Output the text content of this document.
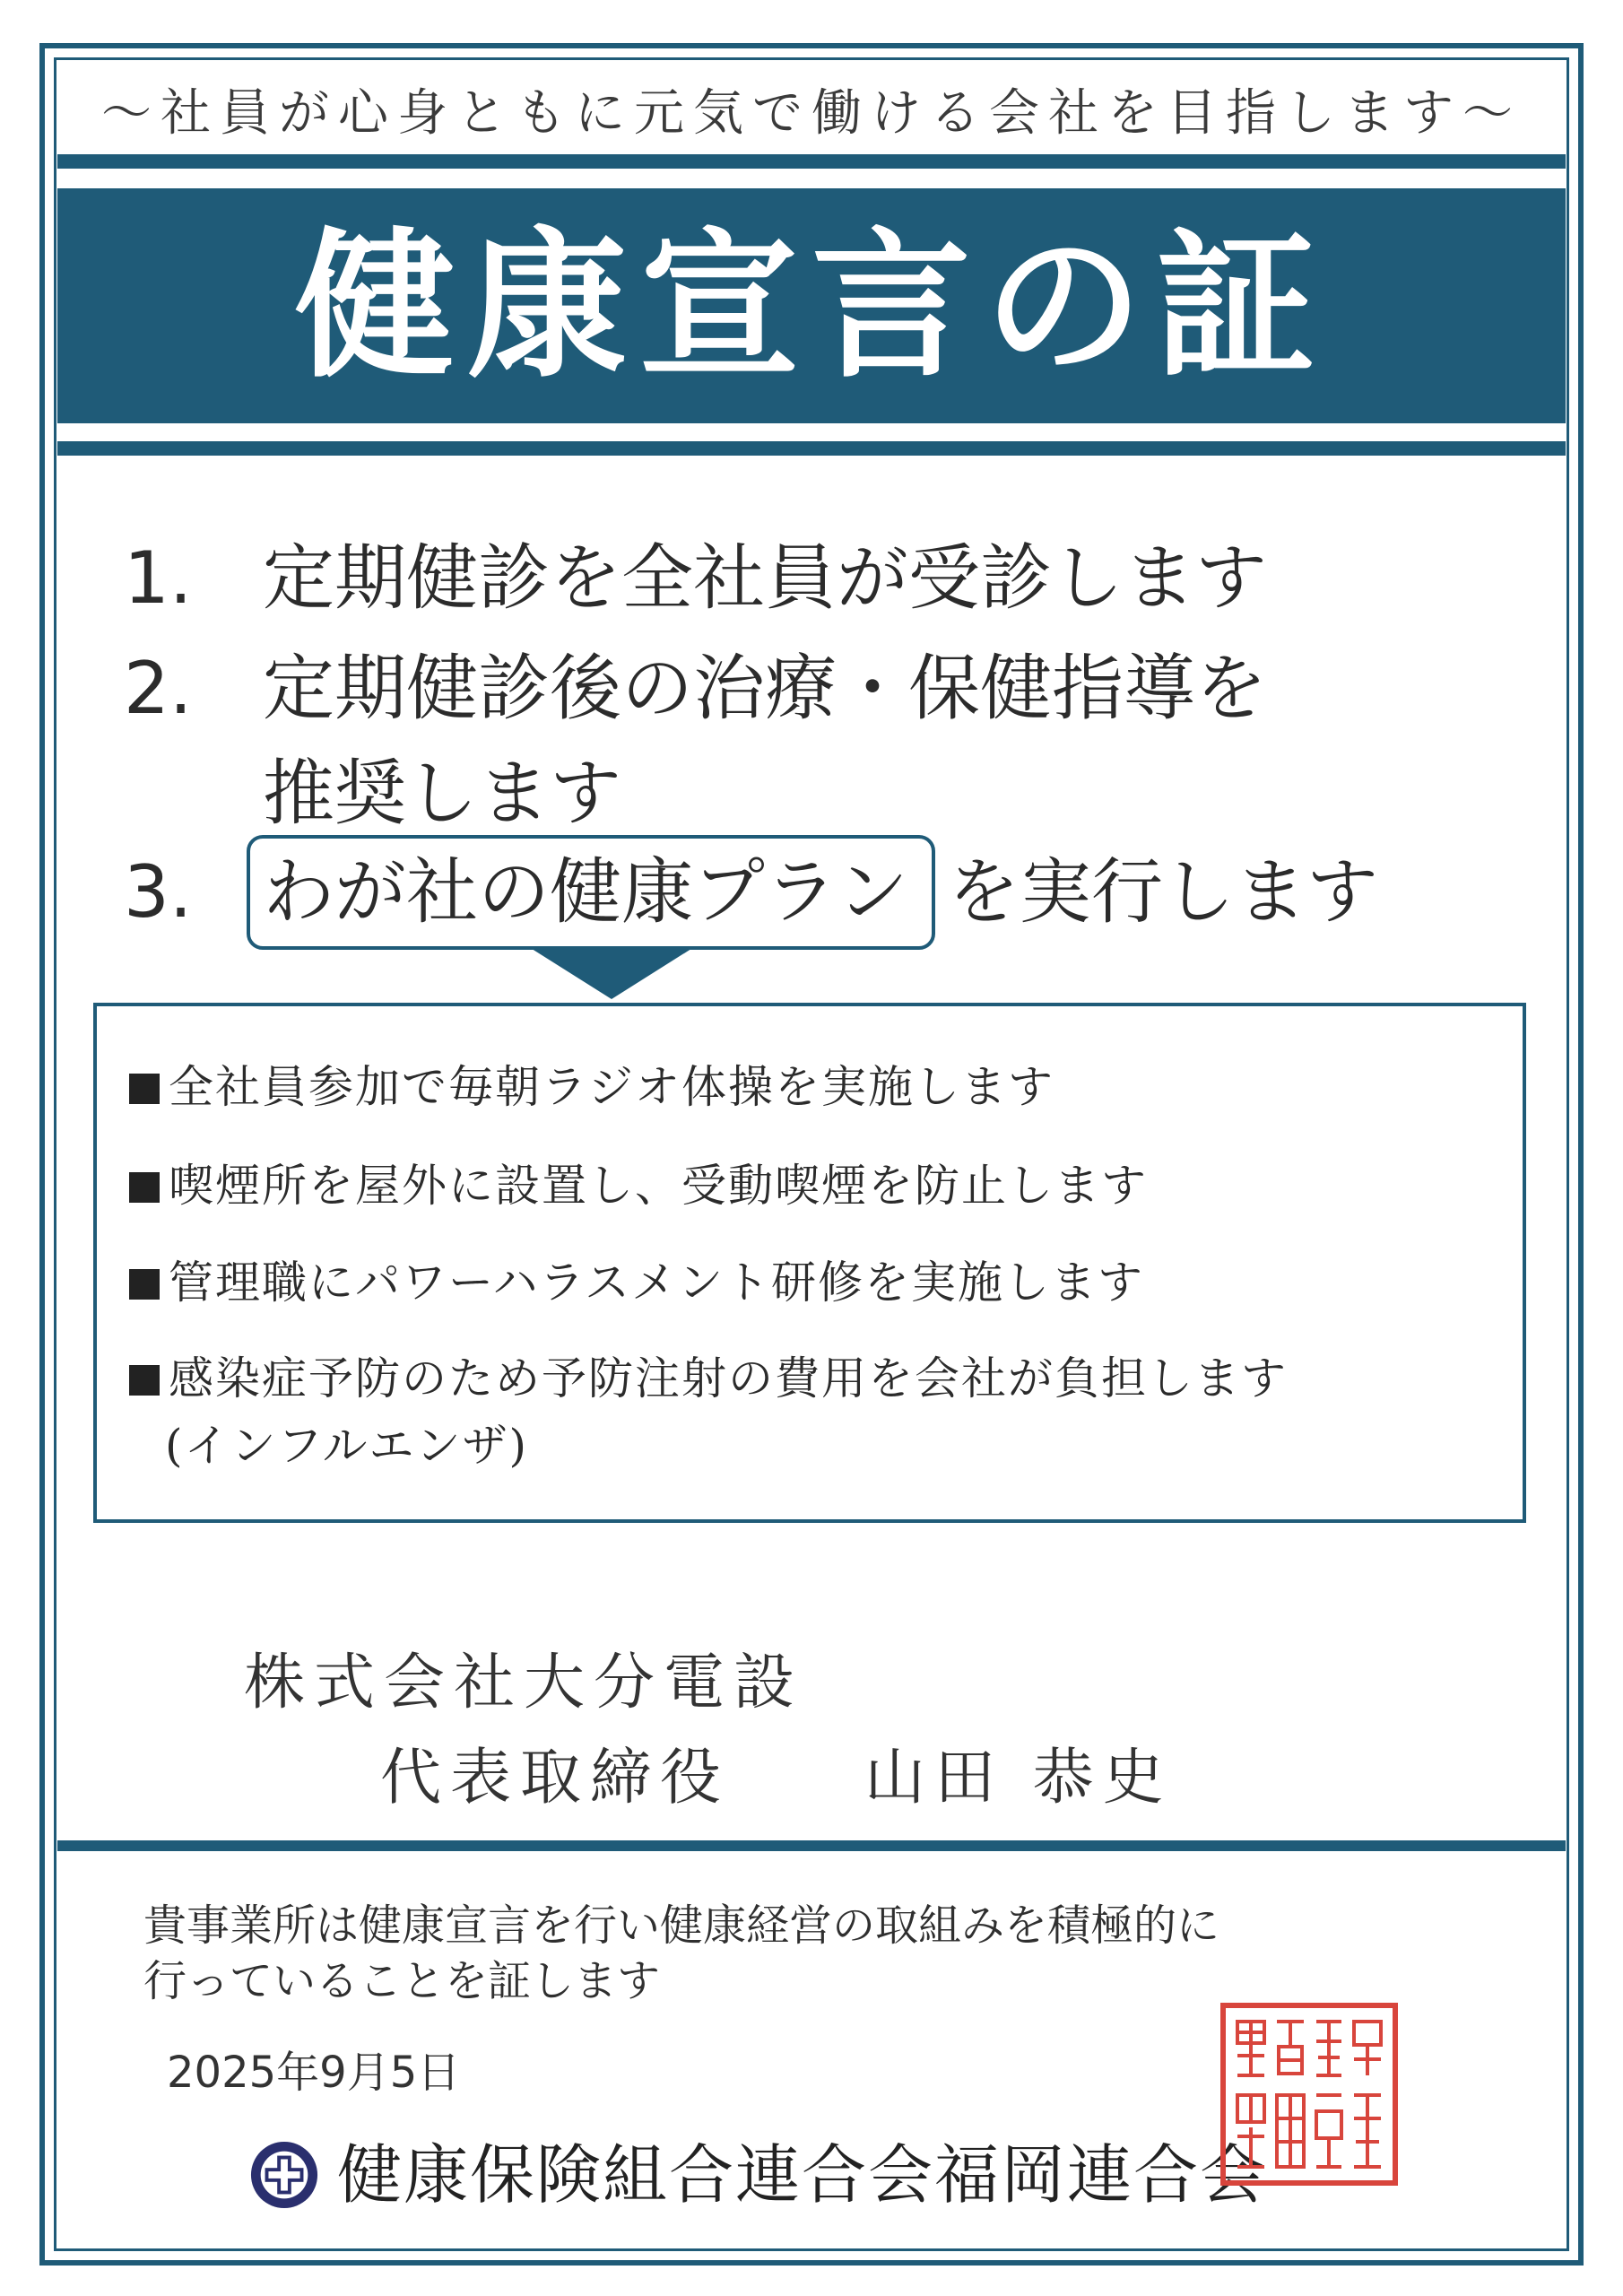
〜社員が心身ともに元気で働ける会社を目指します〜
健康宣言の証
1. 定期健診を全社員が受診します
2. 定期健診後の治療・保健指導を
推奨します
3. わが社の健康プラン を実行します
全社員参加で毎朝ラジオ体操を実施します
喫煙所を屋外に設置し、受動喫煙を防止します
管理職にパワーハラスメント研修を実施します
感染症予防のため予防注射の費用を会社が負担します
(インフルエンザ)
株式会社大分電設
代表取締役 山田 恭史
貴事業所は健康宣言を行い健康経営の取組みを積極的に
行っていることを証します
2025年9月5日
健康保険組合連合会福岡連合会
